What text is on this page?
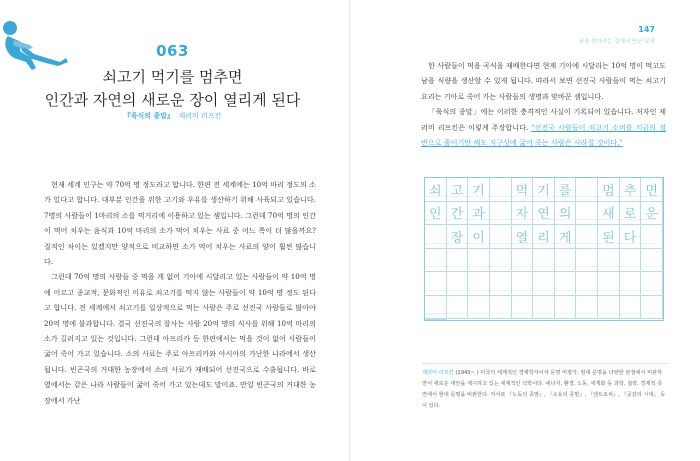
063
쇠고기 먹기를 멈추면
인간과 자연의 새로운 장이 열리게 된다
『육식의 종말』 제러미 리프킨

현재 세계 인구는 약 70억 명 정도라고 합니다. 한편 전 세계에는 10억 마리 정도의 소가 있다고 합니다. 대부분 인간을 위한 고기와 우유를 생산하기 위해 사육되고 있습니다. 7명의 사람들이 1마리의 소를 먹거리에 이용하고 있는 셈입니다. 그런데 70억 명의 인간이 먹어 치우는 음식과 10억 마리의 소가 먹어 치우는 사료 중 어느 쪽이 더 많을까요? 질적인 차이는 있겠지만 양적으로 비교하면 소가 먹어 치우는 사료의 양이 훨씬 많습니다.

그런데 70억 명의 사람들 중 먹을 게 없어 기아에 시달리고 있는 사람들이 약 10억 명에 이르고 종교적, 문화적인 이유로 쇠고기를 먹지 않는 사람들이 약 10억 명 정도 된다고 합니다. 전 세계에서 쇠고기를 일상적으로 먹는 사람은 주로 선진국 사람들로 많아야 20억 명에 불과합니다. 결국 선진국의 잘사는 사람 20억 명의 식사를 위해 10억 마리의 소가 길러지고 있는 것입니다. 그런데 아프리카 등 한편에서는 먹을 것이 없어 사람들이 굶어 죽어 가고 있습니다. 소의 사료는 주로 아프리카와 아시아의 가난한 나라에서 생산됩니다. 빈곤국의 거대한 농장에서 소의 사료가 재배되어 선진국으로 수출됩니다. 바로 옆에서는 같은 나라 사람들이 굶어 죽어 가고 있는데도 말이죠. 만일 빈곤국의 거대한 농장에서 가난

147
꿈을 찾아가는 길에서 만난 문장

한 사람들이 먹을 곡식을 재배한다면 현재 기아에 시달리는 10억 명이 먹고도 남을 식량을 생산할 수 있게 됩니다. 따라서 보면 선진국 사람들이 먹는 쇠고기 요리는 기아로 죽어 가는 사람들의 생명과 맞바꾼 셈입니다.

「육식의 종말」에는 이러한 충격적인 사실이 기록되어 있습니다. 저자인 제러미 리프킨은 이렇게 주장합니다. "선진국 사람들이 쇠고기 소비를 지금의 절반으로 줄이기만 해도 지구상에 굶어 죽는 사람은 사라질 것이다."

쇠 고 기	먹 기 를	멈 추 면
인 간 과	자 연 의	새 로 운
장 이	열 리 게	된 다
제러미 리프킨 (1945~ ) 미국의 세계적인 경제학자이자 문명 비평가. 현대 문명을 다양한 관점에서 비판하면서 새로운 대안을 제시하고 있는 세계적인 석학이다. 에너지, 환경, 노동, 세계화 등 과학, 철학, 경제적 측면에서 현대 문명을 비판한다. 저서로 『노동의 종말』, 『소유의 종말』, 『엔트로피』, 『공감의 시대』 등이 있다.
